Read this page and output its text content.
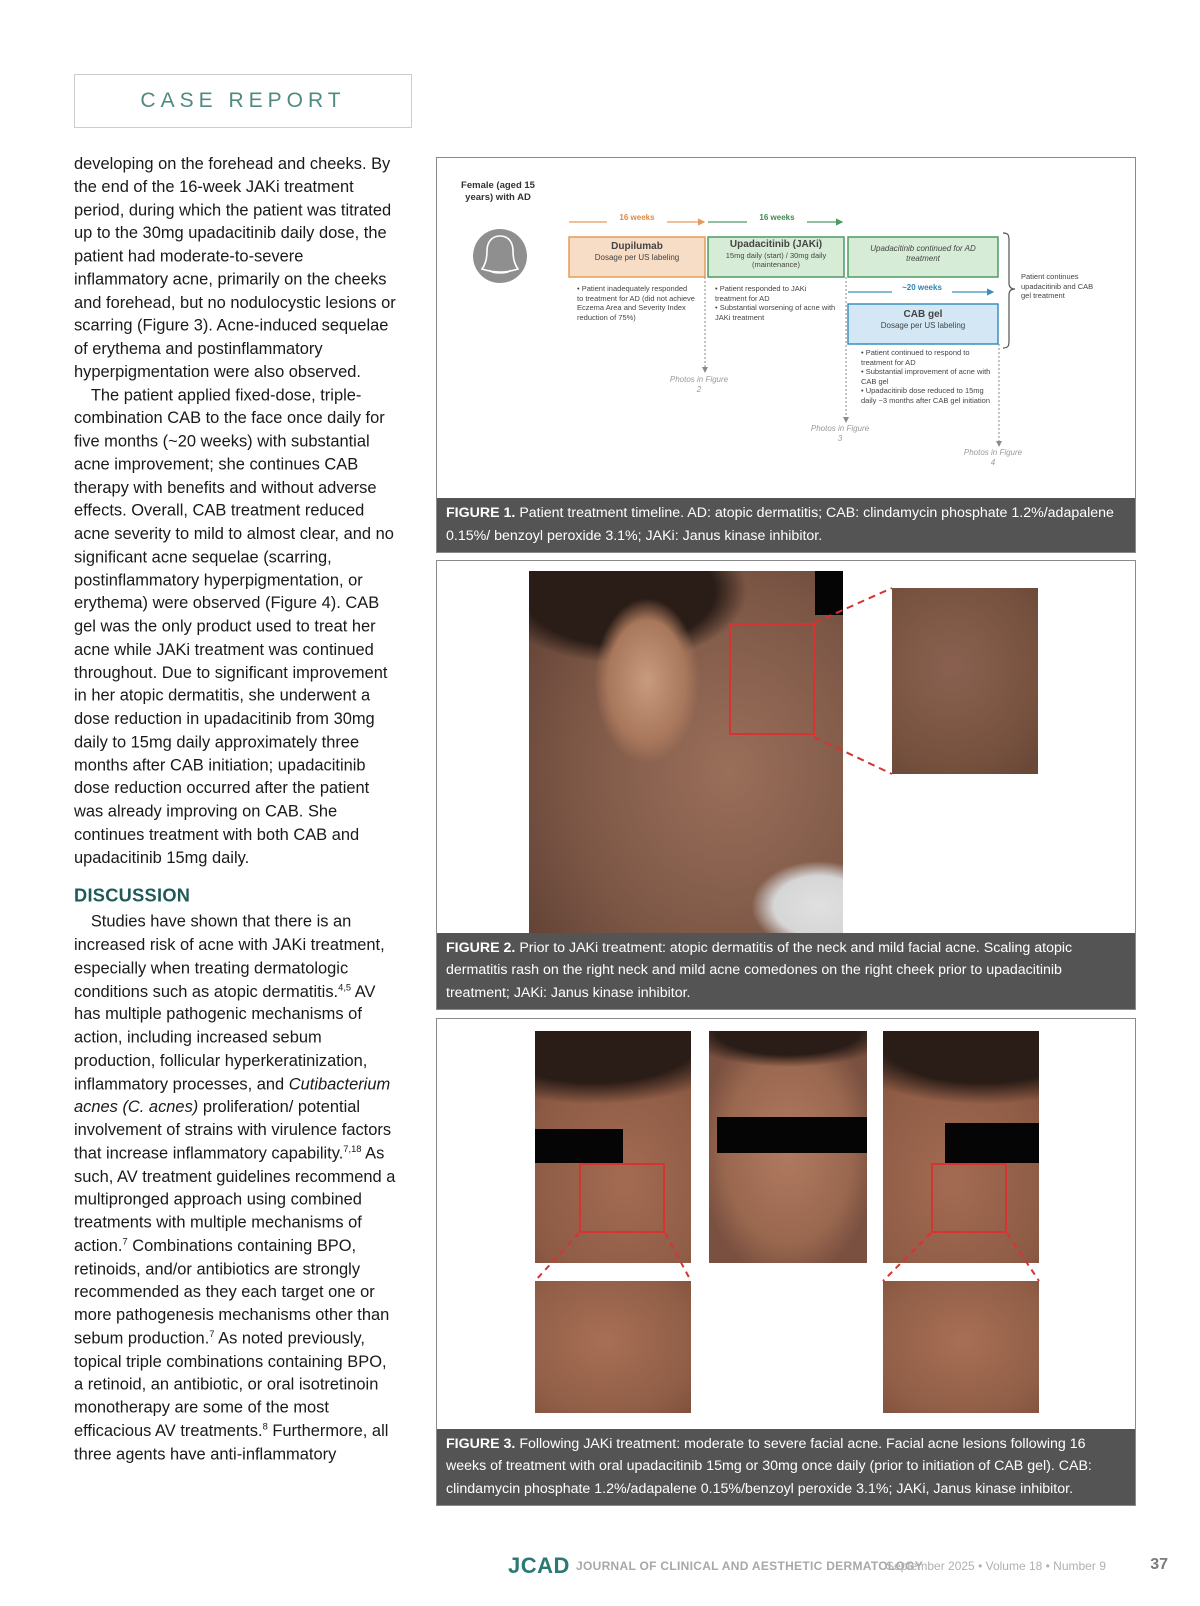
CASE REPORT

developing on the forehead and cheeks. By the end of the 16-week JAKi treatment period, during which the patient was titrated up to the 30mg upadacitinib daily dose, the patient had moderate-to-severe inflammatory acne, primarily on the cheeks and forehead, but no nodulocystic lesions or scarring (Figure 3). Acne-induced sequelae of erythema and postinflammatory hyperpigmentation were also observed.

The patient applied fixed-dose, triple-combination CAB to the face once daily for five months (~20 weeks) with substantial acne improvement; she continues CAB therapy with benefits and without adverse effects. Overall, CAB treatment reduced acne severity to mild to almost clear, and no significant acne sequelae (scarring, postinflammatory hyperpigmentation, or erythema) were observed (Figure 4). CAB gel was the only product used to treat her acne while JAKi treatment was continued throughout. Due to significant improvement in her atopic dermatitis, she underwent a dose reduction in upadacitinib from 30mg daily to 15mg daily approximately three months after CAB initiation; upadacitinib dose reduction occurred after the patient was already improving on CAB. She continues treatment with both CAB and upadacitinib 15mg daily.

DISCUSSION

Studies have shown that there is an increased risk of acne with JAKi treatment, especially when treating dermatologic conditions such as atopic dermatitis.$^{4,5}$ AV has multiple pathogenic mechanisms of action, including increased sebum production, follicular hyperkeratinization, inflammatory processes, and Cutibacterium acnes (C. acnes) proliferation/ potential involvement of strains with virulence factors that increase inflammatory capability.$^{7,18}$ As such, AV treatment guidelines recommend a multipronged approach using combined treatments with multiple mechanisms of action.$^7$ Combinations containing BPO, retinoids, and/or antibiotics are strongly recommended as they each target one or more pathogenesis mechanisms other than sebum production.$^7$ As noted previously, topical triple combinations containing BPO, a retinoid, an antibiotic, or oral isotretinoin monotherapy are some of the most efficacious AV treatments.$^8$ Furthermore, all three agents have anti-inflammatory

Female (aged 15 years) with AD
16 weeks	16 weeks
~20 weeks
Dupilumab
Dosage per US labeling
Upadacitinib (JAKi)
15mg daily (start) / 30mg daily (maintenance)
Upadacitinib continued for AD treatment
CAB gel
Dosage per US labeling
Patient continues upadacitinib and CAB gel treatment
• Patient inadequately responded to treatment for AD (did not achieve Eczema Area and Severity Index reduction of 75%)
• Patient responded to JAKi treatment for AD
• Substantial worsening of acne with JAKi treatment
• Patient continued to respond to treatment for AD
• Substantial improvement of acne with CAB gel
• Upadacitinib dose reduced to 15mg daily ~3 months after CAB gel initiation
Photos in Figure 2
Photos in Figure 3
Photos in Figure 4
FIGURE 1. Patient treatment timeline. AD: atopic dermatitis; CAB: clindamycin phosphate 1.2%/adapalene 0.15%/ benzoyl peroxide 3.1%; JAKi: Janus kinase inhibitor.
FIGURE 2. Prior to JAKi treatment: atopic dermatitis of the neck and mild facial acne. Scaling atopic dermatitis rash on the right neck and mild acne comedones on the right cheek prior to upadacitinib treatment; JAKi: Janus kinase inhibitor.
FIGURE 3. Following JAKi treatment: moderate to severe facial acne. Facial acne lesions following 16 weeks of treatment with oral upadacitinib 15mg or 30mg once daily (prior to initiation of CAB gel). CAB: clindamycin phosphate 1.2%/adapalene 0.15%/benzoyl peroxide 3.1%; JAKi, Janus kinase inhibitor.
JCAD JOURNAL OF CLINICAL AND AESTHETIC DERMATOLOGY
September 2025 • Volume 18 • Number 9	37
